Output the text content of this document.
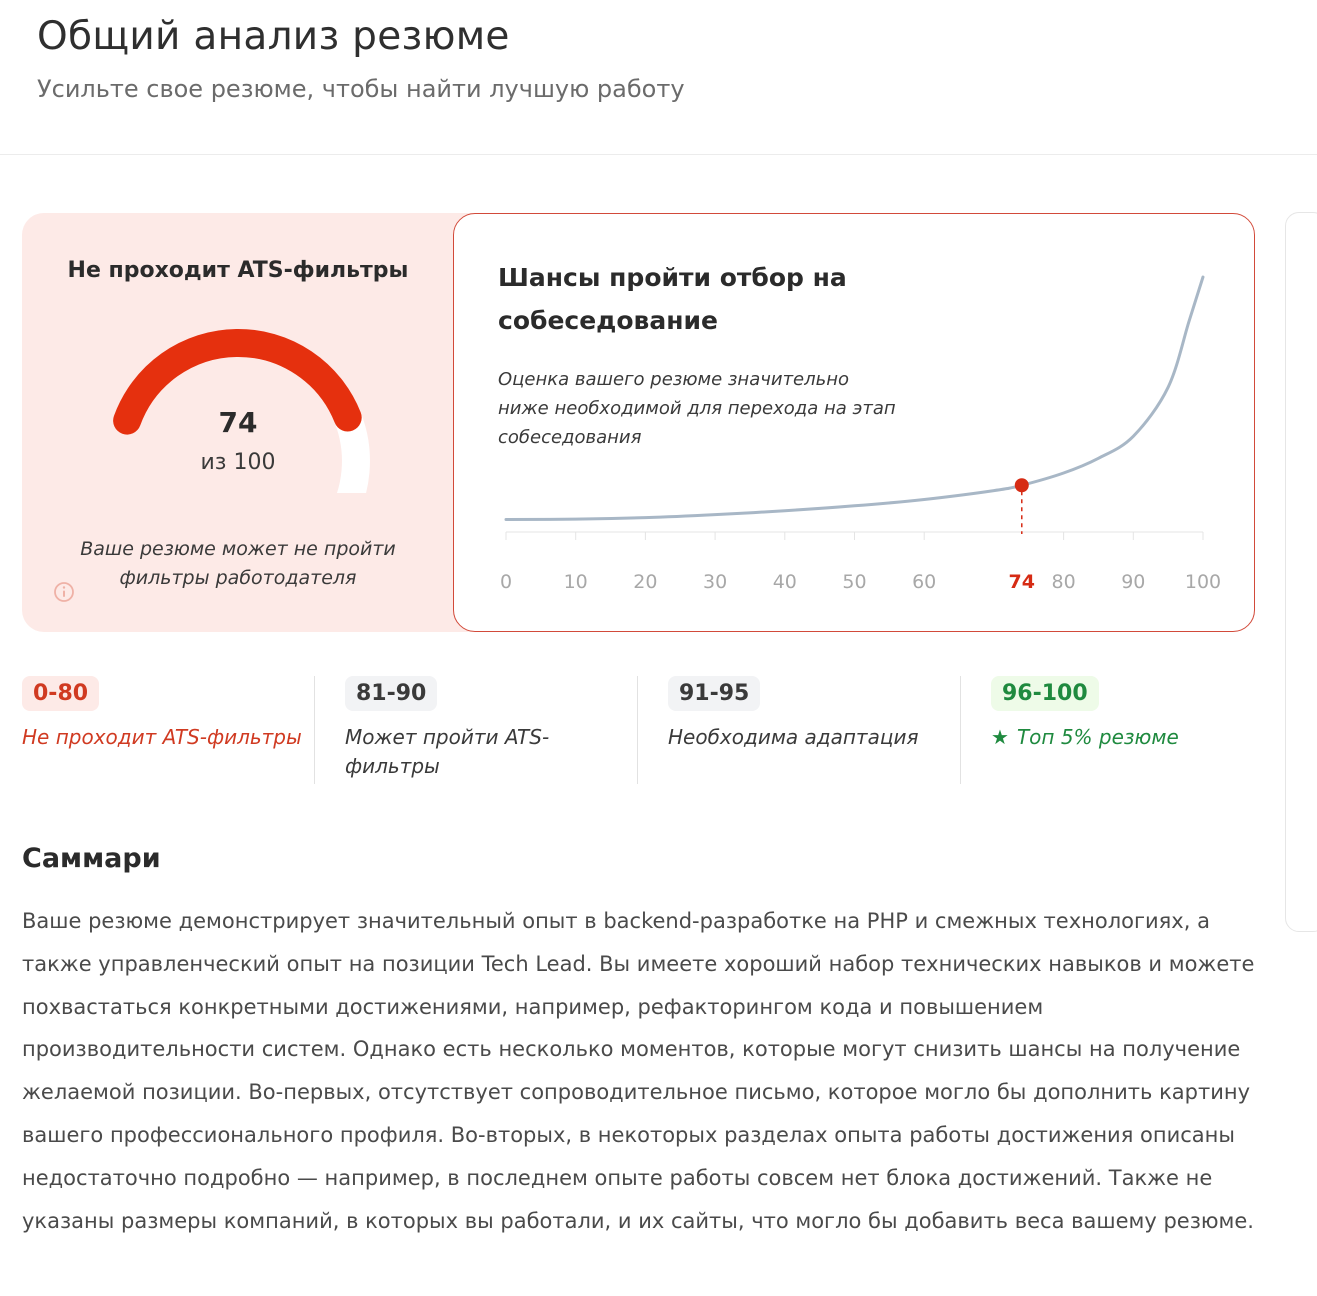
Общий анализ резюме
Усильте свое резюме, чтобы найти лучшую работу
Не проходит ATS-фильтры
74
из 100
Ваше резюме может не пройти фильтры работодателя	0	10 20 30 40 50 60	74 80 90 100
Шансы пройти отбор на собеседование
Оценка вашего резюме значительно ниже необходимой для перехода на этап собеседования
0-80
Не проходит ATS-фильтры
81-90
Может пройти ATS-фильтры
91-95
Необходима адаптация
96-100
★ Топ 5% резюме
Саммари

Ваше резюме демонстрирует значительный опыт в backend-разработке на PHP и смежных технологиях, а также управленческий опыт на позиции Tech Lead. Вы имеете хороший набор технических навыков и можете похвастаться конкретными достижениями, например, рефакторингом кода и повышением производительности систем. Однако есть несколько моментов, которые могут снизить шансы на получение желаемой позиции. Во-первых, отсутствует сопроводительное письмо, которое могло бы дополнить картину вашего профессионального профиля. Во-вторых, в некоторых разделах опыта работы достижения описаны недостаточно подробно — например, в последнем опыте работы совсем нет блока достижений. Также не указаны размеры компаний, в которых вы работали, и их сайты, что могло бы добавить веса вашему резюме.
